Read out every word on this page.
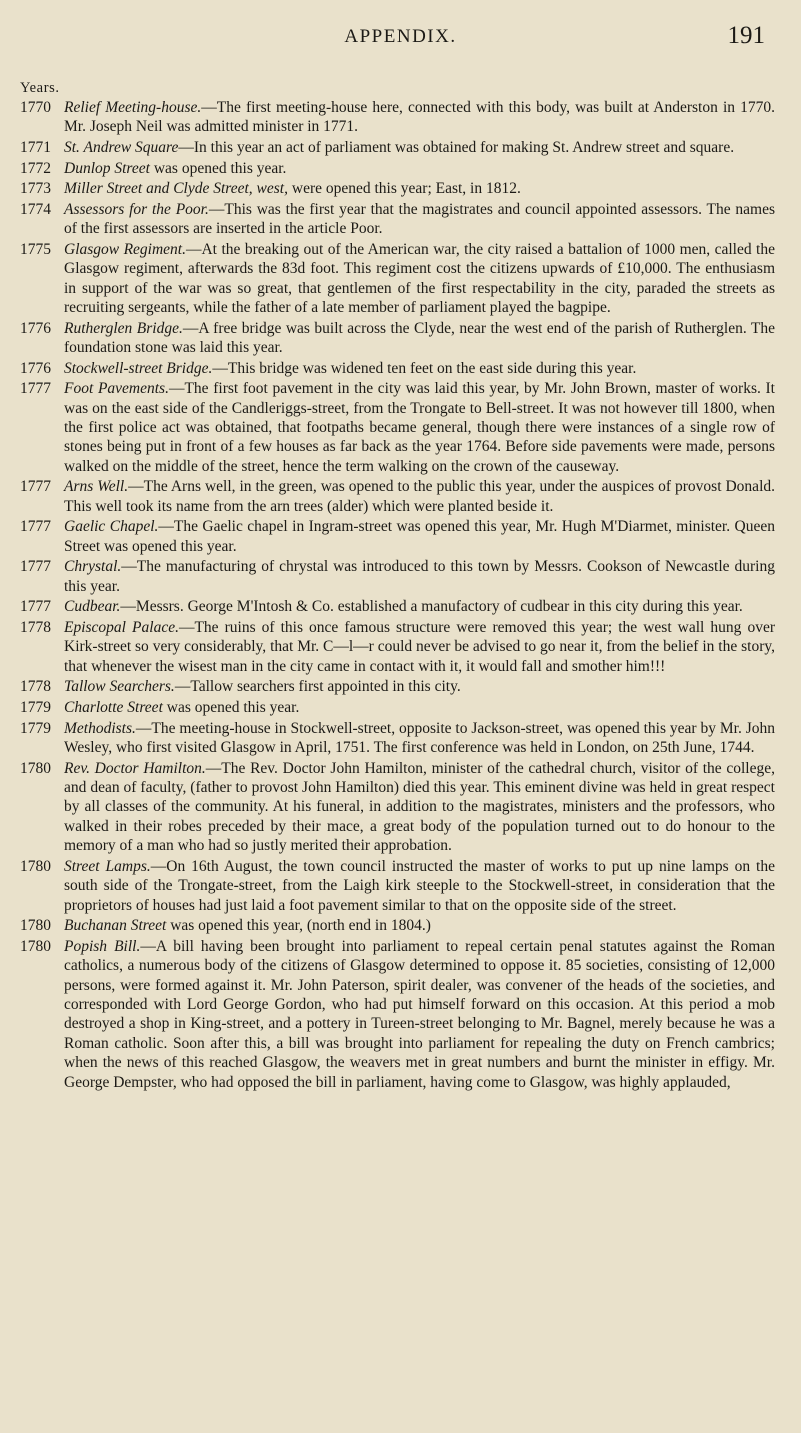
APPENDIX.	191
Years.
1770 Relief Meeting-house.—The first meeting-house here, connected with this body, was built at Anderston in 1770. Mr. Joseph Neil was admitted minister in 1771.
1771 St. Andrew Square—In this year an act of parliament was obtained for making St. Andrew street and square.
1772 Dunlop Street was opened this year.
1773 Miller Street and Clyde Street, west, were opened this year; East, in 1812.
1774 Assessors for the Poor.—This was the first year that the magistrates and council appointed assessors. The names of the first assessors are inserted in the article Poor.
1775 Glasgow Regiment.—At the breaking out of the American war, the city raised a battalion of 1000 men, called the Glasgow regiment, afterwards the 83d foot. This regiment cost the citizens upwards of £10,000. The enthusiasm in support of the war was so great, that gentlemen of the first respectability in the city, paraded the streets as recruiting sergeants, while the father of a late member of parliament played the bagpipe.
1776 Rutherglen Bridge.—A free bridge was built across the Clyde, near the west end of the parish of Rutherglen. The foundation stone was laid this year.
1776 Stockwell-street Bridge.—This bridge was widened ten feet on the east side during this year.
1777 Foot Pavements.—The first foot pavement in the city was laid this year, by Mr. John Brown, master of works. It was on the east side of the Candleriggs-street, from the Trongate to Bell-street. It was not however till 1800, when the first police act was obtained, that footpaths became general, though there were instances of a single row of stones being put in front of a few houses as far back as the year 1764. Before side pavements were made, persons walked on the middle of the street, hence the term walking on the crown of the causeway.
1777 Arns Well.—The Arns well, in the green, was opened to the public this year, under the auspices of provost Donald. This well took its name from the arn trees (alder) which were planted beside it.
1777 Gaelic Chapel.—The Gaelic chapel in Ingram-street was opened this year, Mr. Hugh M'Diarmet, minister. Queen Street was opened this year.
1777 Chrystal.—The manufacturing of chrystal was introduced to this town by Messrs. Cookson of Newcastle during this year.
1777 Cudbear.—Messrs. George M'Intosh & Co. established a manufactory of cudbear in this city during this year.
1778 Episcopal Palace.—The ruins of this once famous structure were removed this year; the west wall hung over Kirk-street so very considerably, that Mr. C—l—r could never be advised to go near it, from the belief in the story, that whenever the wisest man in the city came in contact with it, it would fall and smother him!!!
1778 Tallow Searchers.—Tallow searchers first appointed in this city.
1779 Charlotte Street was opened this year.
1779 Methodists.—The meeting-house in Stockwell-street, opposite to Jackson-street, was opened this year by Mr. John Wesley, who first visited Glasgow in April, 1751. The first conference was held in London, on 25th June, 1744.
1780 Rev. Doctor Hamilton.—The Rev. Doctor John Hamilton, minister of the cathedral church, visitor of the college, and dean of faculty, (father to provost John Hamilton) died this year. This eminent divine was held in great respect by all classes of the community. At his funeral, in addition to the magistrates, ministers and the professors, who walked in their robes preceded by their mace, a great body of the population turned out to do honour to the memory of a man who had so justly merited their approbation.
1780 Street Lamps.—On 16th August, the town council instructed the master of works to put up nine lamps on the south side of the Trongate-street, from the Laigh kirk steeple to the Stockwell-street, in consideration that the proprietors of houses had just laid a foot pavement similar to that on the opposite side of the street.
1780 Buchanan Street was opened this year, (north end in 1804.)
1780 Popish Bill.—A bill having been brought into parliament to repeal certain penal statutes against the Roman catholics, a numerous body of the citizens of Glasgow determined to oppose it. 85 societies, consisting of 12,000 persons, were formed against it. Mr. John Paterson, spirit dealer, was convener of the heads of the societies, and corresponded with Lord George Gordon, who had put himself forward on this occasion. At this period a mob destroyed a shop in King-street, and a pottery in Tureen-street belonging to Mr. Bagnel, merely because he was a Roman catholic. Soon after this, a bill was brought into parliament for repealing the duty on French cambrics; when the news of this reached Glasgow, the weavers met in great numbers and burnt the minister in effigy. Mr. George Dempster, who had opposed the bill in parliament, having come to Glasgow, was highly applauded,
